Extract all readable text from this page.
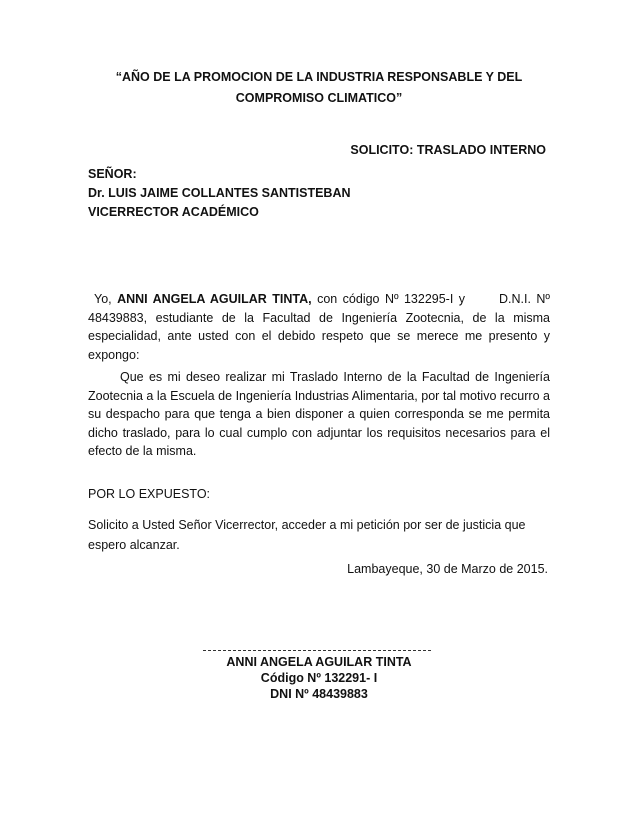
“AÑO DE LA PROMOCION DE LA INDUSTRIA RESPONSABLE Y DEL
COMPROMISO CLIMATICO”
SOLICITO: TRASLADO INTERNO
SEÑOR:
Dr. LUIS JAIME COLLANTES SANTISTEBAN
VICERRECTOR ACADÉMICO
Yo, ANNI ANGELA AGUILAR TINTA, con código Nº 132295-I y	D.N.I. Nº 48439883, estudiante de la Facultad de Ingeniería Zootecnia, de la misma especialidad, ante usted con el debido respeto que se merece me presento y expongo:
Que es mi deseo realizar mi Traslado Interno de la Facultad de Ingeniería Zootecnia a la Escuela de Ingeniería Industrias Alimentaria, por tal motivo recurro a su despacho para que tenga a bien disponer a quien corresponda se me permita dicho traslado, para lo cual cumplo con adjuntar los requisitos necesarios para el efecto de la misma.
POR LO EXPUESTO:
Solicito a Usted Señor Vicerrector, acceder a mi petición por ser de justicia que espero alcanzar.
Lambayeque, 30 de Marzo de 2015.
ANNI ANGELA AGUILAR TINTA
Código Nº 132291- I
DNI Nº 48439883
